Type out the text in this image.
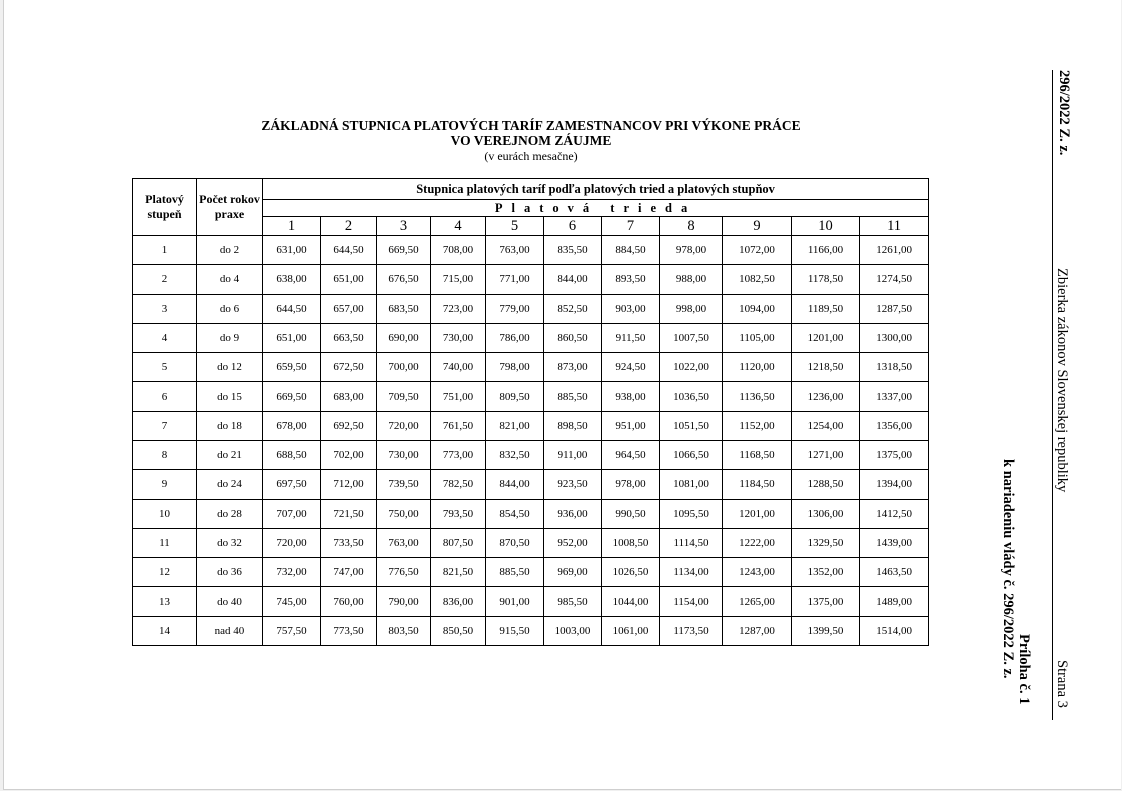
ZÁKLADNÁ STUPNICA PLATOVÝCH TARÍF ZAMESTNANCOV PRI VÝKONE PRÁCE
VO VEREJNOM ZÁUJME
(v eurách mesačne)
Platový stupeň	Počet rokov praxe	Stupnica platových taríf podľa platových tried a platových stupňov										
		Platová trieda										
		1	2	3	4	5	6	7	8	9	10	11
1	do 2	631,00	644,50	669,50	708,00	763,00	835,50	884,50	978,00	1072,00	1166,00	1261,00
2	do 4	638,00	651,00	676,50	715,00	771,00	844,00	893,50	988,00	1082,50	1178,50	1274,50
3	do 6	644,50	657,00	683,50	723,00	779,00	852,50	903,00	998,00	1094,00	1189,50	1287,50
4	do 9	651,00	663,50	690,00	730,00	786,00	860,50	911,50	1007,50	1105,00	1201,00	1300,00
5	do 12	659,50	672,50	700,00	740,00	798,00	873,00	924,50	1022,00	1120,00	1218,50	1318,50
6	do 15	669,50	683,00	709,50	751,00	809,50	885,50	938,00	1036,50	1136,50	1236,00	1337,00
7	do 18	678,00	692,50	720,00	761,50	821,00	898,50	951,00	1051,50	1152,00	1254,00	1356,00
8	do 21	688,50	702,00	730,00	773,00	832,50	911,00	964,50	1066,50	1168,50	1271,00	1375,00
9	do 24	697,50	712,00	739,50	782,50	844,00	923,50	978,00	1081,00	1184,50	1288,50	1394,00
10	do 28	707,00	721,50	750,00	793,50	854,50	936,00	990,50	1095,50	1201,00	1306,00	1412,50
11	do 32	720,00	733,50	763,00	807,50	870,50	952,00	1008,50	1114,50	1222,00	1329,50	1439,00
12	do 36	732,00	747,00	776,50	821,50	885,50	969,00	1026,50	1134,00	1243,00	1352,00	1463,50
13	do 40	745,00	760,00	790,00	836,00	901,00	985,50	1044,00	1154,00	1265,00	1375,00	1489,00
14	nad 40	757,50	773,50	803,50	850,50	915,50	1003,00	1061,00	1173,50	1287,00	1399,50	1514,00
296/2022 Z. z.
Zbierka zákonov Slovenskej republiky
Strana 3
Príloha č. 1
k nariadeniu vlády č. 296/2022 Z. z.
